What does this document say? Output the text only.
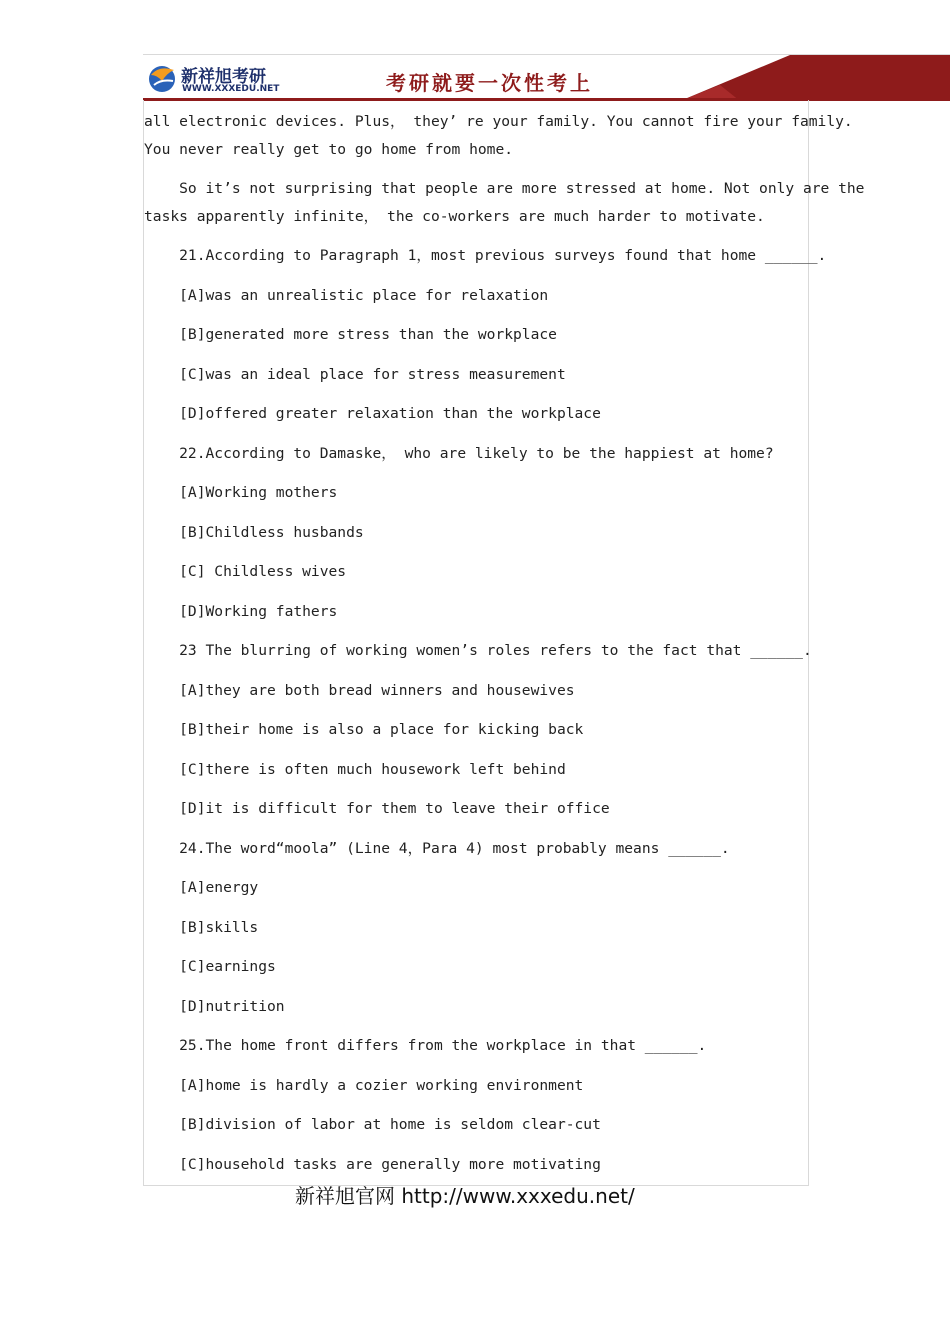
新祥旭考研
WWW.XXXEDU.NET	考研就要一次性考上
京城考研辅导第一品牌
all electronic devices. Plus， they’ re your family. You cannot fire your family.
You never really get to go home from home.
So it’s not surprising that people are more stressed at home. Not only are the
tasks apparently infinite， the co-workers are much harder to motivate.
21.According to Paragraph 1，most previous surveys found that home ______.
[A]was an unrealistic place for relaxation
[B]generated more stress than the workplace
[C]was an ideal place for stress measurement
[D]offered greater relaxation than the workplace
22.According to Damaske， who are likely to be the happiest at home?
[A]Working mothers
[B]Childless husbands
[C] Childless wives
[D]Working fathers
23 The blurring of working women’s roles refers to the fact that ______.
[A]they are both bread winners and housewives
[B]their home is also a place for kicking back
[C]there is often much housework left behind
[D]it is difficult for them to leave their office
24.The word“moola” (Line 4，Para 4) most probably means ______.
[A]energy
[B]skills
[C]earnings
[D]nutrition
25.The home front differs from the workplace in that ______.
[A]home is hardly a cozier working environment
[B]division of labor at home is seldom clear-cut
[C]household tasks are generally more motivating
新祥旭官网 http://www.xxxedu.net/
